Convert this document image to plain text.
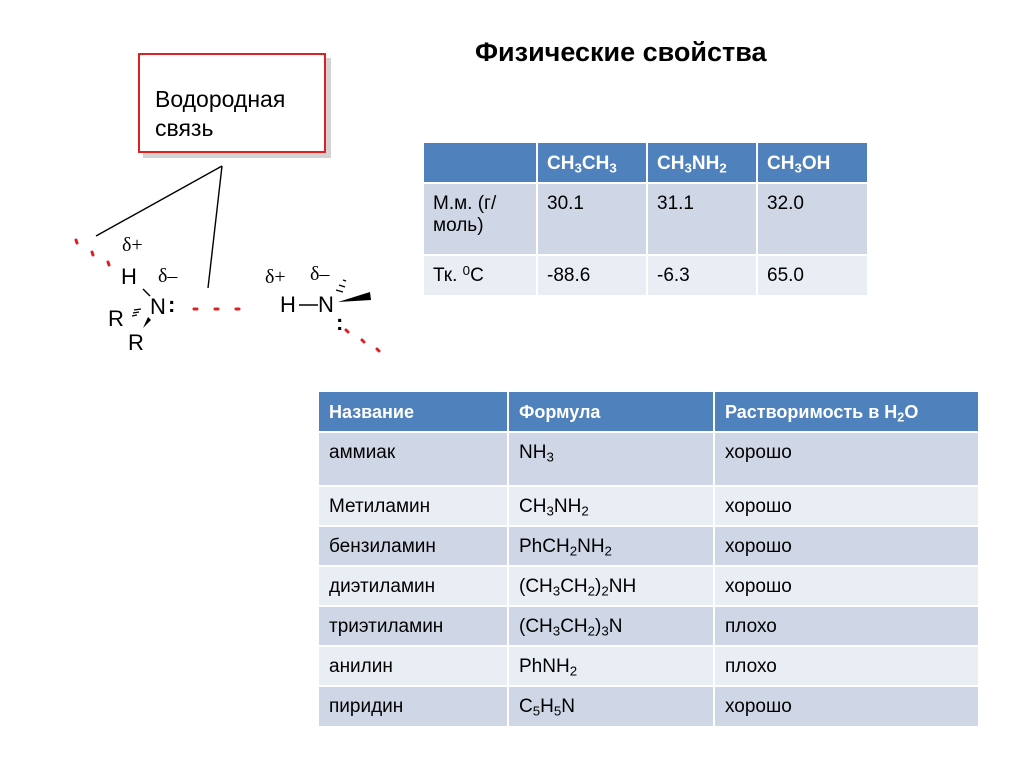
Физические свойства
Водородная
связь
δ+
H δ–
R N :
R
δ+ δ–
H N
:
	$CH_3CH_3$	$CH_3NH_2$	$CH_3OH$
М.м. (г/моль)	30.1	31.1	32.0
Тк. $^0$С	-88.6	-6.3	65.0
Название	Формула	Растворимость в $H_2O$
аммиак	$NH_3$	хорошо
Метиламин	$CH_3NH_2$	хорошо
бензиламин	$PhCH_2NH_2$	хорошо
диэтиламин	$(CH_3CH_2)_2NH$	хорошо
триэтиламин	$(CH_3CH_2)_3N$	плохо
анилин	PhNH$_2$	плохо
пиридин	$C_5H_5N$	хорошо
